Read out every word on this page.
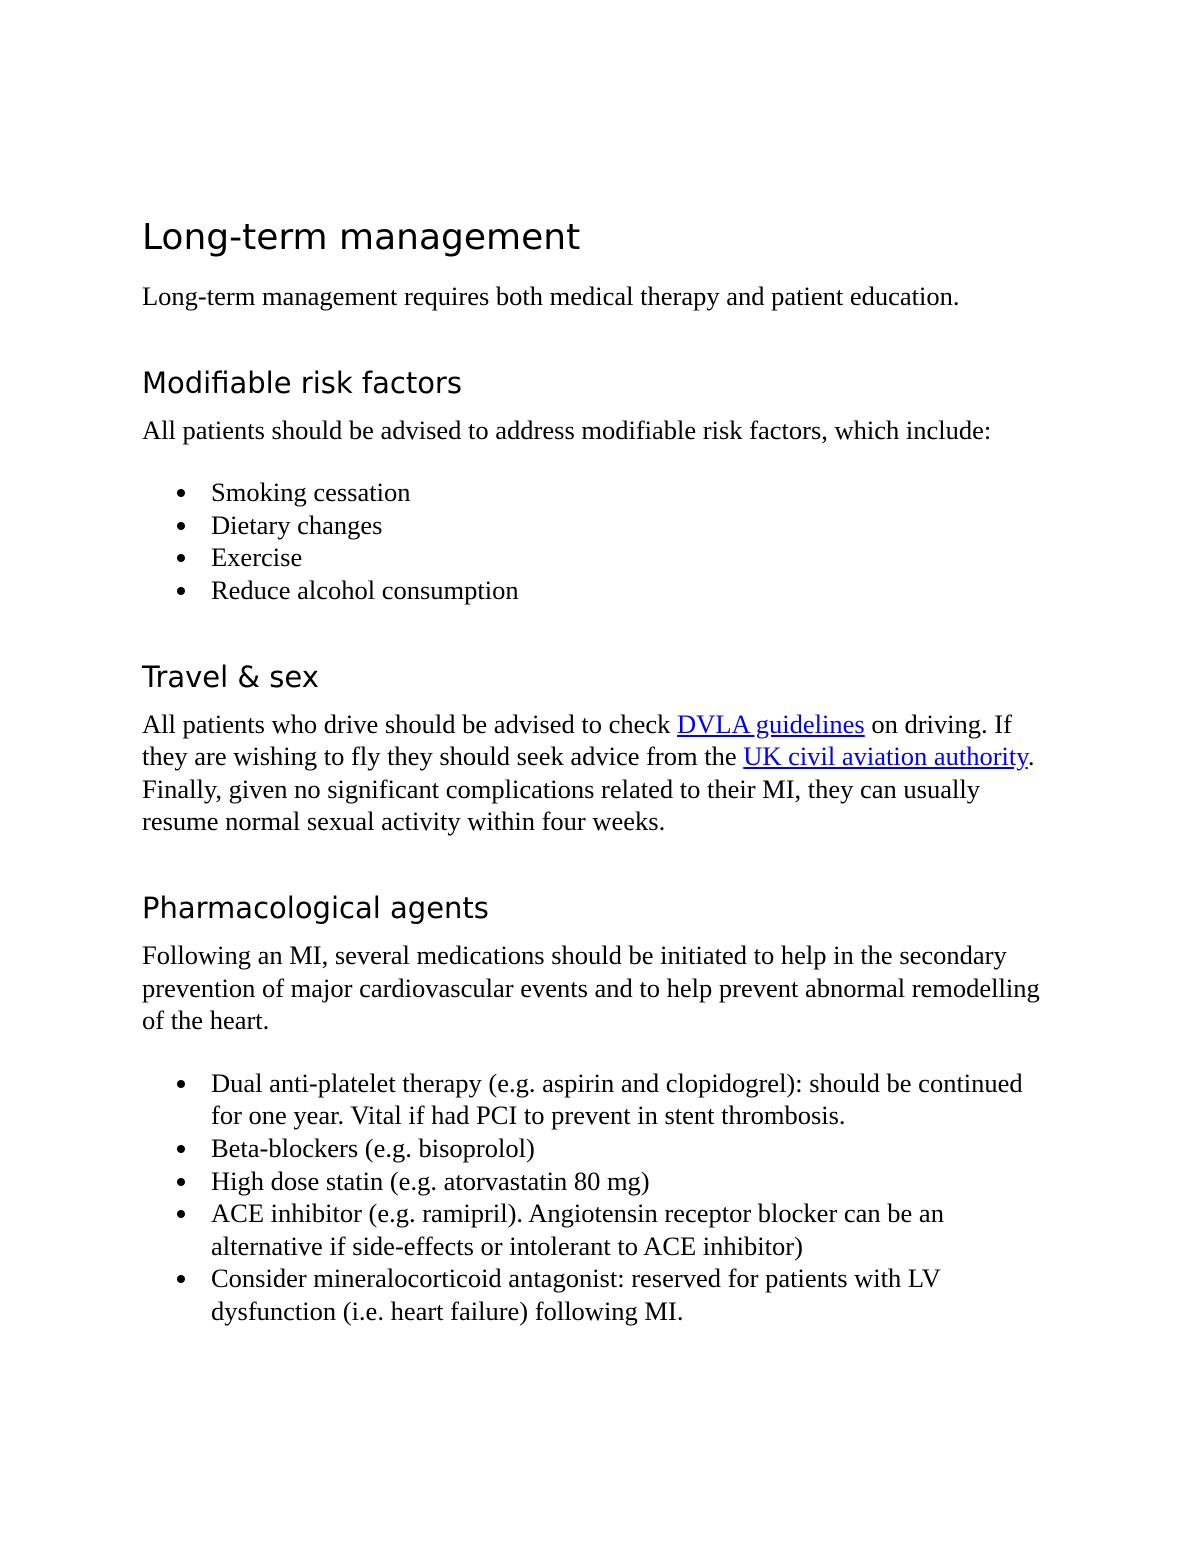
Long-term management

Long-term management requires both medical therapy and patient education.

Modifiable risk factors

All patients should be advised to address modifiable risk factors, which include:

Smoking cessation
Dietary changes
Exercise
Reduce alcohol consumption
Travel & sex

All patients who drive should be advised to check DVLA guidelines on driving. If they are wishing to fly they should seek advice from the UK civil aviation authority. Finally, given no significant complications related to their MI, they can usually resume normal sexual activity within four weeks.

Pharmacological agents

Following an MI, several medications should be initiated to help in the secondary prevention of major cardiovascular events and to help prevent abnormal remodelling of the heart.

Dual anti-platelet therapy (e.g. aspirin and clopidogrel): should be continued for one year. Vital if had PCI to prevent in stent thrombosis.
Beta-blockers (e.g. bisoprolol)
High dose statin (e.g. atorvastatin 80 mg)
ACE inhibitor (e.g. ramipril). Angiotensin receptor blocker can be an alternative if side-effects or intolerant to ACE inhibitor)
Consider mineralocorticoid antagonist: reserved for patients with LV dysfunction (i.e. heart failure) following MI.
